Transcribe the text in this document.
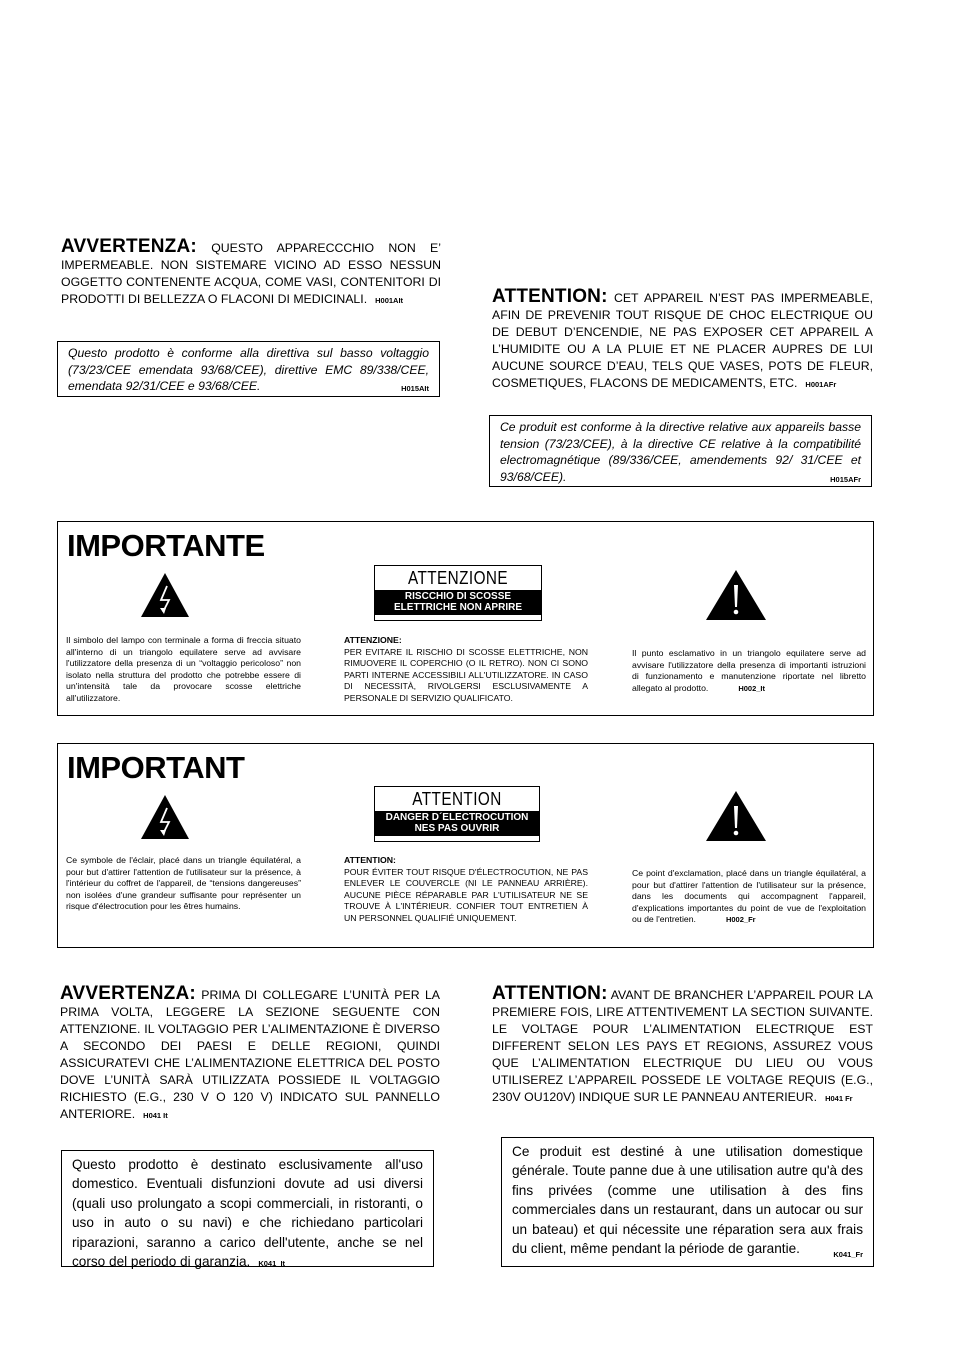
AVVERTENZA: QUESTO APPARECCCHIO NON E’ IMPERMEABLE. NON SISTEMARE VICINO AD ESSO NESSUN OGGETTO CONTENENTE ACQUA, COME VASI, CONTENITORI DI PRODOTTI DI BELLEZZA O FLACONI DI MEDICINALI. H001AIt
Questo prodotto è conforme alla direttiva sul basso voltaggio (73/23/CEE emendata 93/68/CEE), direttive EMC 89/338/CEE, emendata 92/31/CEE e 93/68/CEE.	H015AIt
ATTENTION: CET APPAREIL N’EST PAS IMPERMEABLE, AFIN DE PREVENIR TOUT RISQUE DE CHOC ELECTRIQUE OU DE DEBUT D’ENCENDIE, NE PAS EXPOSER CET APPAREIL A L’HUMIDITE OU A LA PLUIE ET NE PLACER AUPRES DE LUI AUCUNE SOURCE D’EAU, TELS QUE VASES, POTS DE FLEUR, COSMETIQUES, FLACONS DE MEDICAMENTS, ETC. H001AFr
Ce produit est conforme à la directive relative aux appareils basse tension (73/23/CEE), à la directive CE relative à la compatibilité electromagnétique (89/336/CEE, amendements 92/ 31/CEE et 93/68/CEE).	H015AFr
IMPORTANTE
ATTENZIONE
RISCCHIO DI SCOSSE
ELETTRICHE NON APRIRE
Il simbolo del lampo con terminale a forma di freccia situato all'interno di un triangolo equilatere serve ad avvisare l'utilizzatore della presenza di un “voltaggio pericoloso” non isolato nella struttura del prodotto che potrebbe essere di un'intensità tale da provocare scosse elettriche all'utilizzatore.
ATTENZIONE:
PER EVITARE IL RISCHIO DI SCOSSE ELETTRICHE, NON RIMUOVERE IL COPERCHIO (O IL RETRO). NON CI SONO PARTI INTERNE ACCESSIBILI ALL'UTILIZZATORE. IN CASO DI NECESSITÀ, RIVOLGERSI ESCLUSIVAMENTE A PERSONALE DI SERVIZIO QUALIFICATO.
Il punto esclamativo in un triangolo equilatere serve ad avvisare l'utilizzatore della presenza di importanti istruzioni di funzionamento e manutenzione riportate nel libretto allegato al prodotto.	H002_It
IMPORTANT
ATTENTION
DANGER D´ELECTROCUTION
NES PAS OUVRIR
Ce symbole de l'éclair, placé dans un triangle équilatéral, a pour but d'attirer l'attention de l'utilisateur sur la présence, à l'intérieur du coffret de l'appareil, de “tensions dangereuses” non isolées d'une grandeur suffisante pour représenter un risque d'électrocution pour les êtres humains.
ATTENTION:
POUR ÉVITER TOUT RISQUE D'ÉLECTROCUTION, NE PAS ENLEVER LE COUVERCLE (NI LE PANNEAU ARRIÈRE). AUCUNE PIÈCE RÉPARABLE PAR L'UTILISATEUR NE SE TROUVE À L'INTÉRIEUR. CONFIER TOUT ENTRETIEN À UN PERSONNEL QUALIFIÉ UNIQUEMENT.
Ce point d'exclamation, placé dans un triangle équilatéral, a pour but d'attirer l'attention de l'utilisateur sur la présence, dans les documents qui accompagnent l'appareil, d'explications importantes du point de vue de l'exploitation ou de l'entretien.	H002_Fr
AVVERTENZA: PRIMA DI COLLEGARE L’UNITÀ PER LA PRIMA VOLTA, LEGGERE LA SEZIONE SEGUENTE CON ATTENZIONE. IL VOLTAGGIO PER L’ALIMENTAZIONE È DIVERSO A SECONDO DEI PAESI E DELLE REGIONI, QUINDI ASSICURATEVI CHE L’ALIMENTAZIONE ELETTRICA DEL POSTO DOVE L’UNITÀ SARÀ UTILIZZATA POSSIEDE IL VOLTAGGIO RICHIESTO (E.G., 230 V O 120 V) INDICATO SUL PANNELLO ANTERIORE. H041 It
ATTENTION: AVANT DE BRANCHER L’APPAREIL POUR LA PREMIERE FOIS, LIRE ATTENTIVEMENT LA SECTION SUIVANTE. LE VOLTAGE POUR L’ALIMENTATION ELECTRIQUE EST DIFFERENT SELON LES PAYS ET REGIONS, ASSUREZ VOUS QUE L’ALIMENTATION ELECTRIQUE DU LIEU OU VOUS UTILISEREZ L’APPAREIL POSSEDE LE VOLTAGE REQUIS (E.G., 230V OU120V) INDIQUE SUR LE PANNEAU ANTERIEUR. H041 Fr
Questo prodotto è destinato esclusivamente all'uso domestico. Eventuali disfunzioni dovute ad usi diversi (quali uso prolungato a scopi commerciali, in ristoranti, o uso in auto o su navi) e che richiedano particolari riparazioni, saranno a carico dell'utente, anche se nel corso del periodo di garanzia. K041_It
Ce produit est destiné à une utilisation domestique générale. Toute panne due à une utilisation autre qu'à des fins privées (comme une utilisation à des fins commerciales dans un restaurant, dans un autocar ou sur un bateau) et qui nécessite une réparation sera aux frais du client, même pendant la période de garantie.	K041_Fr
